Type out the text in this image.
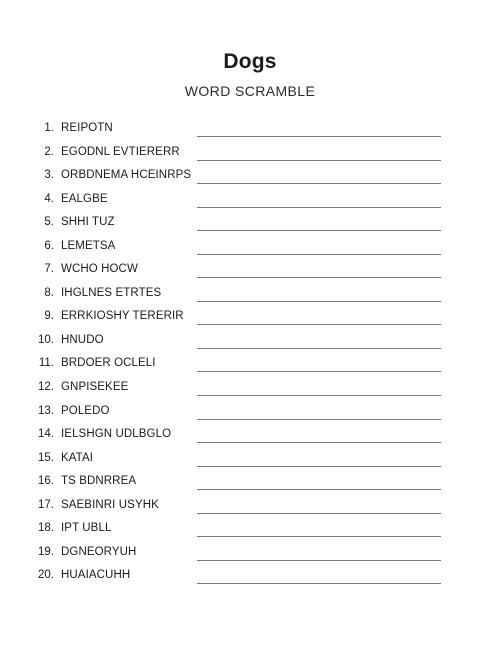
Dogs
WORD SCRAMBLE
1. REIPOTN
2. EGODNL EVTIERERR
3. ORBDNEMA HCEINRPS
4. EALGBE
5. SHHI TUZ
6. LEMETSA
7. WCHO HOCW
8. IHGLNES ETRTES
9. ERRKIOSHY TERERIR
10. HNUDO
11. BRDOER OCLELI
12. GNPISEKEE
13. POLEDO
14. IELSHGN UDLBGLO
15. KATAI
16. TS BDNRREA
17. SAEBINRI USYHK
18. IPT UBLL
19. DGNEORYUH
20. HUAIACUHH
